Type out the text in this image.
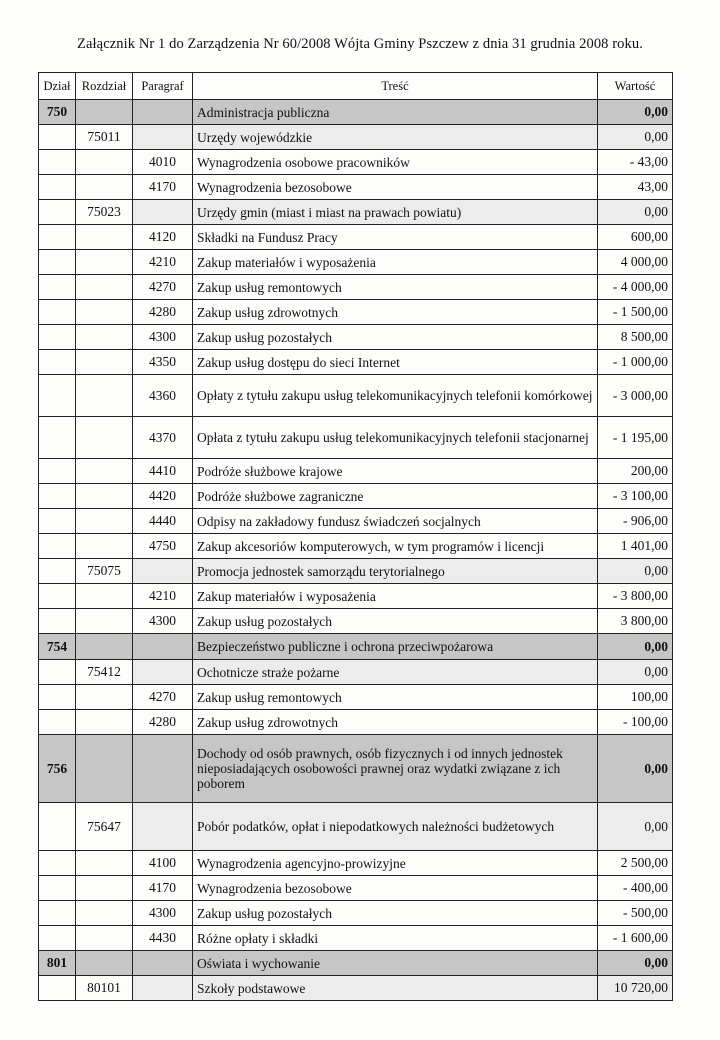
Załącznik Nr 1 do Zarządzenia Nr 60/2008 Wójta Gminy Pszczew z dnia 31 grudnia 2008 roku.
Dział	Rozdział	Paragraf	Treść	Wartość
750			Administracja publiczna	0,00
	75011		Urzędy wojewódzkie	0,00
		4010	Wynagrodzenia osobowe pracowników	- 43,00
		4170	Wynagrodzenia bezosobowe	43,00
	75023		Urzędy gmin (miast i miast na prawach powiatu)	0,00
		4120	Składki na Fundusz Pracy	600,00
		4210	Zakup materiałów i wyposażenia	4 000,00
		4270	Zakup usług remontowych	- 4 000,00
		4280	Zakup usług zdrowotnych	- 1 500,00
		4300	Zakup usług pozostałych	8 500,00
		4350	Zakup usług dostępu do sieci Internet	- 1 000,00
		4360	Opłaty z tytułu zakupu usług telekomunikacyjnych telefonii komórkowej	- 3 000,00
		4370	Opłata z tytułu zakupu usług telekomunikacyjnych telefonii stacjonarnej	- 1 195,00
		4410	Podróże służbowe krajowe	200,00
		4420	Podróże służbowe zagraniczne	- 3 100,00
		4440	Odpisy na zakładowy fundusz świadczeń socjalnych	- 906,00
		4750	Zakup akcesoriów komputerowych, w tym programów i licencji	1 401,00
	75075		Promocja jednostek samorządu terytorialnego	0,00
		4210	Zakup materiałów i wyposażenia	- 3 800,00
		4300	Zakup usług pozostałych	3 800,00
754			Bezpieczeństwo publiczne i ochrona przeciwpożarowa	0,00
	75412		Ochotnicze straże pożarne	0,00
		4270	Zakup usług remontowych	100,00
		4280	Zakup usług zdrowotnych	- 100,00
756			Dochody od osób prawnych, osób fizycznych i od innych jednostek nieposiadających osobowości prawnej oraz wydatki związane z ich poborem	0,00
	75647		Pobór podatków, opłat i niepodatkowych należności budżetowych	0,00
		4100	Wynagrodzenia agencyjno-prowizyjne	2 500,00
		4170	Wynagrodzenia bezosobowe	- 400,00
		4300	Zakup usług pozostałych	- 500,00
		4430	Różne opłaty i składki	- 1 600,00
801			Oświata i wychowanie	0,00
	80101		Szkoły podstawowe	10 720,00
